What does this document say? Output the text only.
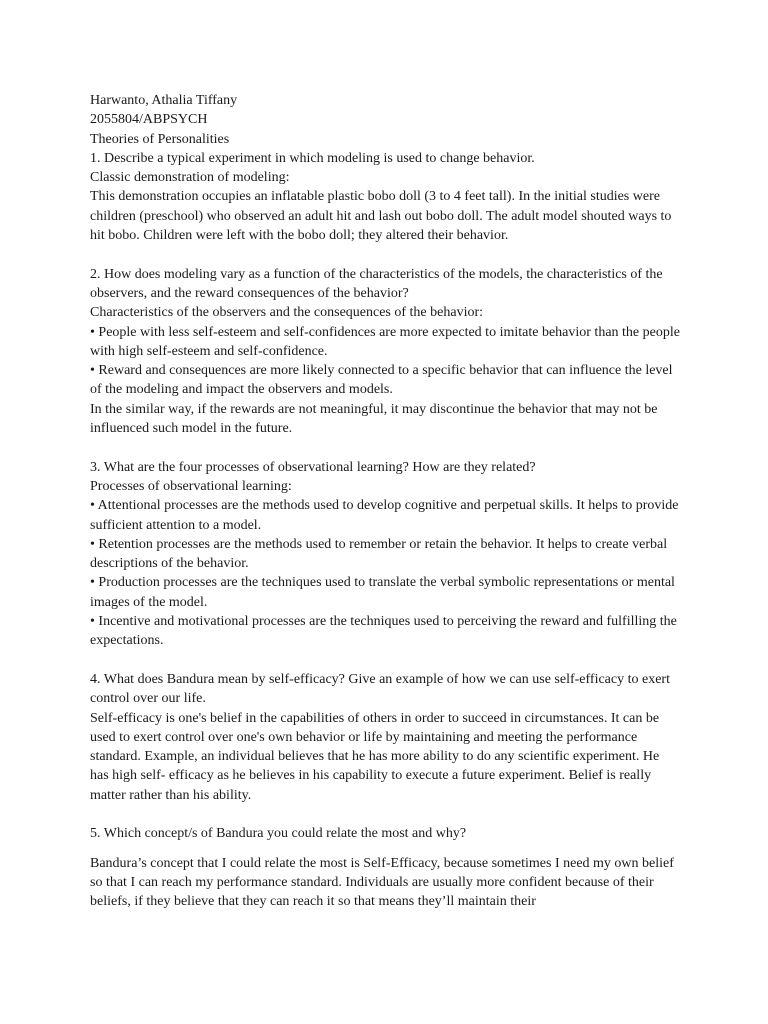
Harwanto, Athalia Tiffany

2055804/ABPSYCH

Theories of Personalities

1. Describe a typical experiment in which modeling is used to change behavior.

Classic demonstration of modeling:

This demonstration occupies an inflatable plastic bobo doll (3 to 4 feet tall). In the initial studies were children (preschool) who observed an adult hit and lash out bobo doll. The adult model shouted ways to hit bobo. Children were left with the bobo doll; they altered their behavior.

2. How does modeling vary as a function of the characteristics of the models, the characteristics of the observers, and the reward consequences of the behavior?

Characteristics of the observers and the consequences of the behavior:

• People with less self-esteem and self-confidences are more expected to imitate behavior than the people with high self-esteem and self-confidence.

• Reward and consequences are more likely connected to a specific behavior that can influence the level of the modeling and impact the observers and models.

In the similar way, if the rewards are not meaningful, it may discontinue the behavior that may not be influenced such model in the future.

3. What are the four processes of observational learning? How are they related?

Processes of observational learning:

• Attentional processes are the methods used to develop cognitive and perpetual skills. It helps to provide sufficient attention to a model.

• Retention processes are the methods used to remember or retain the behavior. It helps to create verbal descriptions of the behavior.

• Production processes are the techniques used to translate the verbal symbolic representations or mental images of the model.

• Incentive and motivational processes are the techniques used to perceiving the reward and fulfilling the expectations.

4. What does Bandura mean by self-efficacy? Give an example of how we can use self-efficacy to exert control over our life.

Self-efficacy is one's belief in the capabilities of others in order to succeed in circumstances. It can be used to exert control over one's own behavior or life by maintaining and meeting the performance standard. Example, an individual believes that he has more ability to do any scientific experiment. He has high self- efficacy as he believes in his capability to execute a future experiment. Belief is really matter rather than his ability.

5. Which concept/s of Bandura you could relate the most and why?

Bandura’s concept that I could relate the most is Self-Efficacy, because sometimes I need my own belief so that I can reach my performance standard. Individuals are usually more confident because of their beliefs, if they believe that they can reach it so that means they’ll maintain their
